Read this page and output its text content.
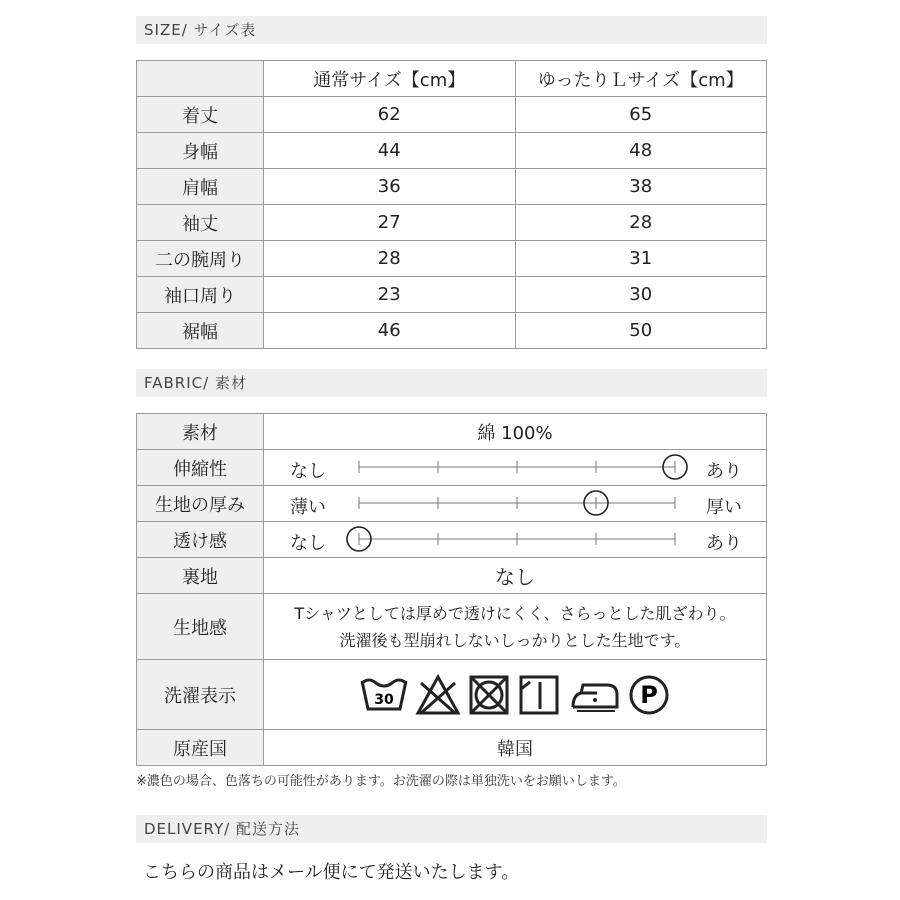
SIZE/ サイズ表
	通常サイズ【cm】	ゆったりＬサイズ【cm】
着丈	62	65
身幅	44	48
肩幅	36	38
袖丈	27	28
二の腕周り	28	31
袖口周り	23	30
裾幅	46	50
FABRIC/ 素材
素材	綿 100%
伸縮性	なし あり

生地の厚み	薄い 厚い

透け感	なし あり

裏地	なし
生地感	Tシャツとしては厚めで透けにくく、さらっとした肌ざわり。
洗濯後も型崩れしないしっかりとした生地です。

洗濯表示	30 P

原産国	韓国
※濃色の場合、色落ちの可能性があります。お洗濯の際は単独洗いをお願いします。
DELIVERY/ 配送方法
こちらの商品はメール便にて発送いたします。
